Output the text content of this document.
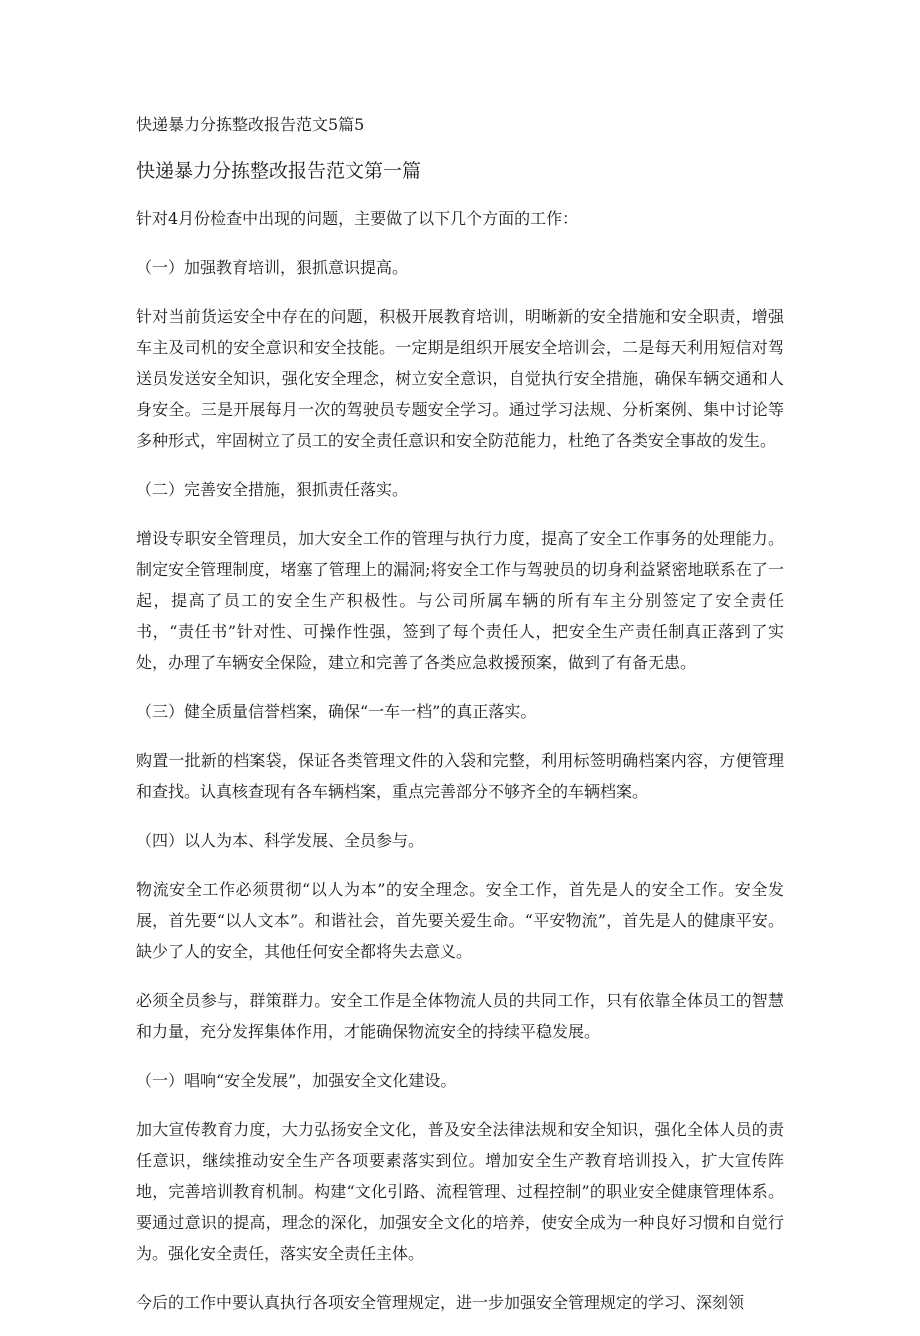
快递暴力分拣整改报告范文5篇5
快递暴力分拣整改报告范文第一篇

针对4月份检查中出现的问题，主要做了以下几个方面的工作：

（一）加强教育培训，狠抓意识提高。

针对当前货运安全中存在的问题，积极开展教育培训，明晰新的安全措施和安全职责，增强车主及司机的安全意识和安全技能。一定期是组织开展安全培训会，二是每天利用短信对驾送员发送安全知识，强化安全理念，树立安全意识，自觉执行安全措施，确保车辆交通和人身安全。三是开展每月一次的驾驶员专题安全学习。通过学习法规、分析案例、集中讨论等多种形式，牢固树立了员工的安全责任意识和安全防范能力，杜绝了各类安全事故的发生。

（二）完善安全措施，狠抓责任落实。

增设专职安全管理员，加大安全工作的管理与执行力度，提高了安全工作事务的处理能力。制定安全管理制度，堵塞了管理上的漏洞;将安全工作与驾驶员的切身利益紧密地联系在了一起，提高了员工的安全生产积极性。与公司所属车辆的所有车主分别签定了安全责任书，“责任书”针对性、可操作性强，签到了每个责任人，把安全生产责任制真正落到了实处，办理了车辆安全保险，建立和完善了各类应急救援预案，做到了有备无患。

（三）健全质量信誉档案，确保“一车一档”的真正落实。

购置一批新的档案袋，保证各类管理文件的入袋和完整，利用标签明确档案内容，方便管理和查找。认真核查现有各车辆档案，重点完善部分不够齐全的车辆档案。

（四）以人为本、科学发展、全员参与。

物流安全工作必须贯彻“以人为本”的安全理念。安全工作，首先是人的安全工作。安全发展，首先要“以人文本”。和谐社会，首先要关爱生命。“平安物流”，首先是人的健康平安。缺少了人的安全，其他任何安全都将失去意义。

必须全员参与，群策群力。安全工作是全体物流人员的共同工作，只有依靠全体员工的智慧和力量，充分发挥集体作用，才能确保物流安全的持续平稳发展。

（一）唱响“安全发展”，加强安全文化建设。

加大宣传教育力度，大力弘扬安全文化，普及安全法律法规和安全知识，强化全体人员的责任意识，继续推动安全生产各项要素落实到位。增加安全生产教育培训投入，扩大宣传阵地，完善培训教育机制。构建“文化引路、流程管理、过程控制”的职业安全健康管理体系。要通过意识的提高，理念的深化，加强安全文化的培养，使安全成为一种良好习惯和自觉行为。强化安全责任，落实安全责任主体。

今后的工作中要认真执行各项安全管理规定，进一步加强安全管理规定的学习、深刻领
